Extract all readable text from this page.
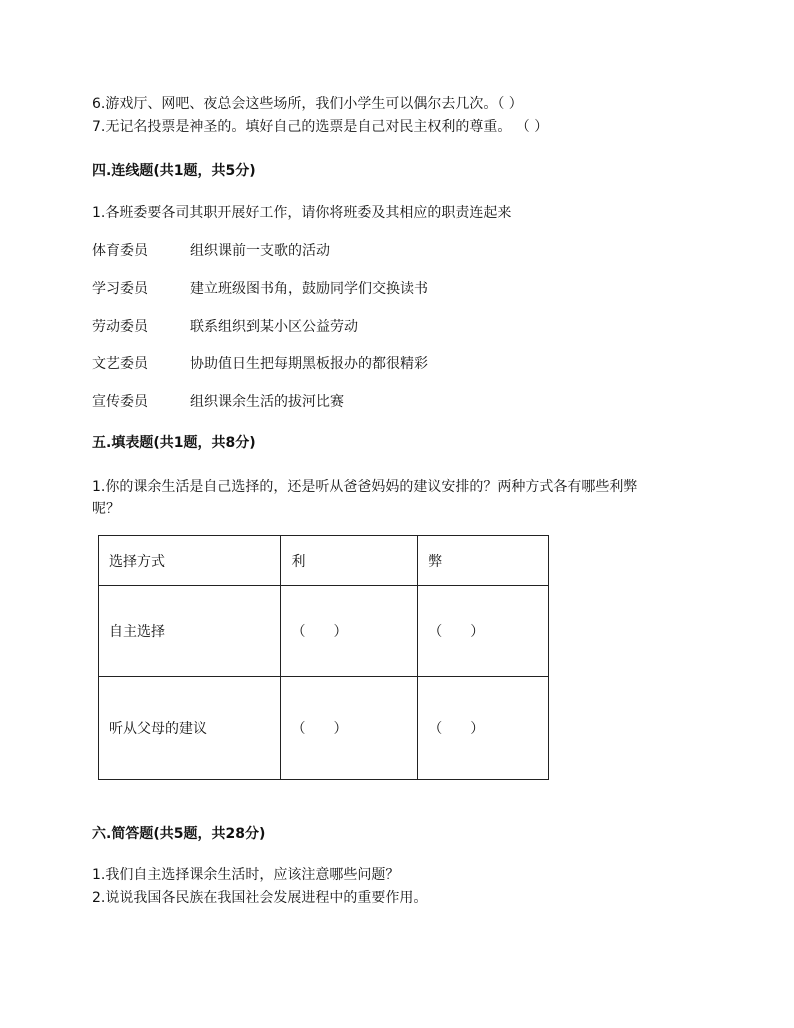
6.游戏厅、网吧、夜总会这些场所，我们小学生可以偶尔去几次。（ ）
7.无记名投票是神圣的。填好自己的选票是自己对民主权利的尊重。 （ ）
四.连线题(共1题，共5分)
1.各班委要各司其职开展好工作，请你将班委及其相应的职责连起来
体育委员	组织课前一支歌的活动
学习委员	建立班级图书角，鼓励同学们交换读书
劳动委员	联系组织到某小区公益劳动
文艺委员	协助值日生把每期黑板报办的都很精彩
宣传委员	组织课余生活的拔河比赛
五.填表题(共1题，共8分)
1.你的课余生活是自己选择的，还是听从爸爸妈妈的建议安排的？两种方式各有哪些利弊
呢？
选择方式	利	弊
自主选择	（　　）	（　　）
听从父母的建议	（　　）	（　　）
六.简答题(共5题，共28分)
1.我们自主选择课余生活时，应该注意哪些问题？
2.说说我国各民族在我国社会发展进程中的重要作用。
